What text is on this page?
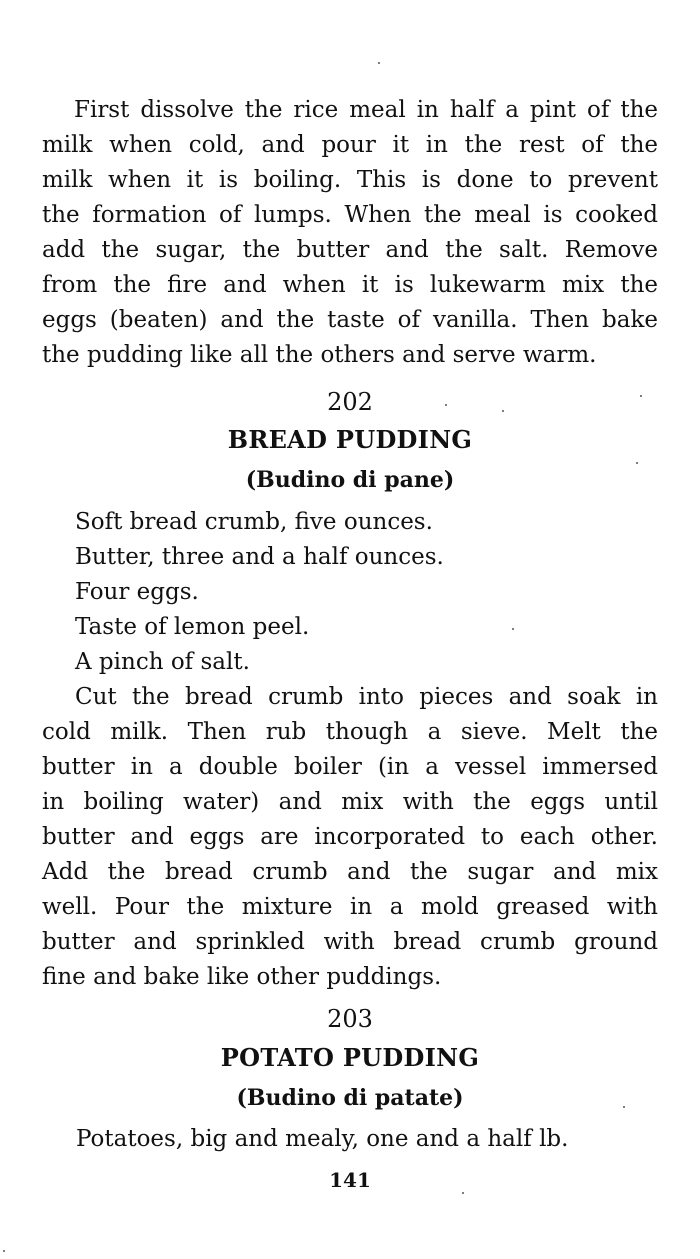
First dissolve the rice meal in half a pint of the
milk when cold, and pour it in the rest of the
milk when it is boiling. This is done to prevent
the formation of lumps. When the meal is cooked
add the sugar, the butter and the salt. Remove
from the fire and when it is lukewarm mix the
eggs (beaten) and the taste of vanilla. Then bake
the pudding like all the others and serve warm.

202

BREAD PUDDING

(Budino di pane)

Soft bread crumb, five ounces.
Butter, three and a half ounces.
Four eggs.
Taste of lemon peel.
A pinch of salt.
Cut the bread crumb into pieces and soak in
cold milk. Then rub though a sieve. Melt the
butter in a double boiler (in a vessel immersed
in boiling water) and mix with the eggs until
butter and eggs are incorporated to each other.
Add the bread crumb and the sugar and mix
well. Pour the mixture in a mold greased with
butter and sprinkled with bread crumb ground
fine and bake like other puddings.

203

POTATO PUDDING

(Budino di patate)

Potatoes, big and mealy, one and a half lb.

141
